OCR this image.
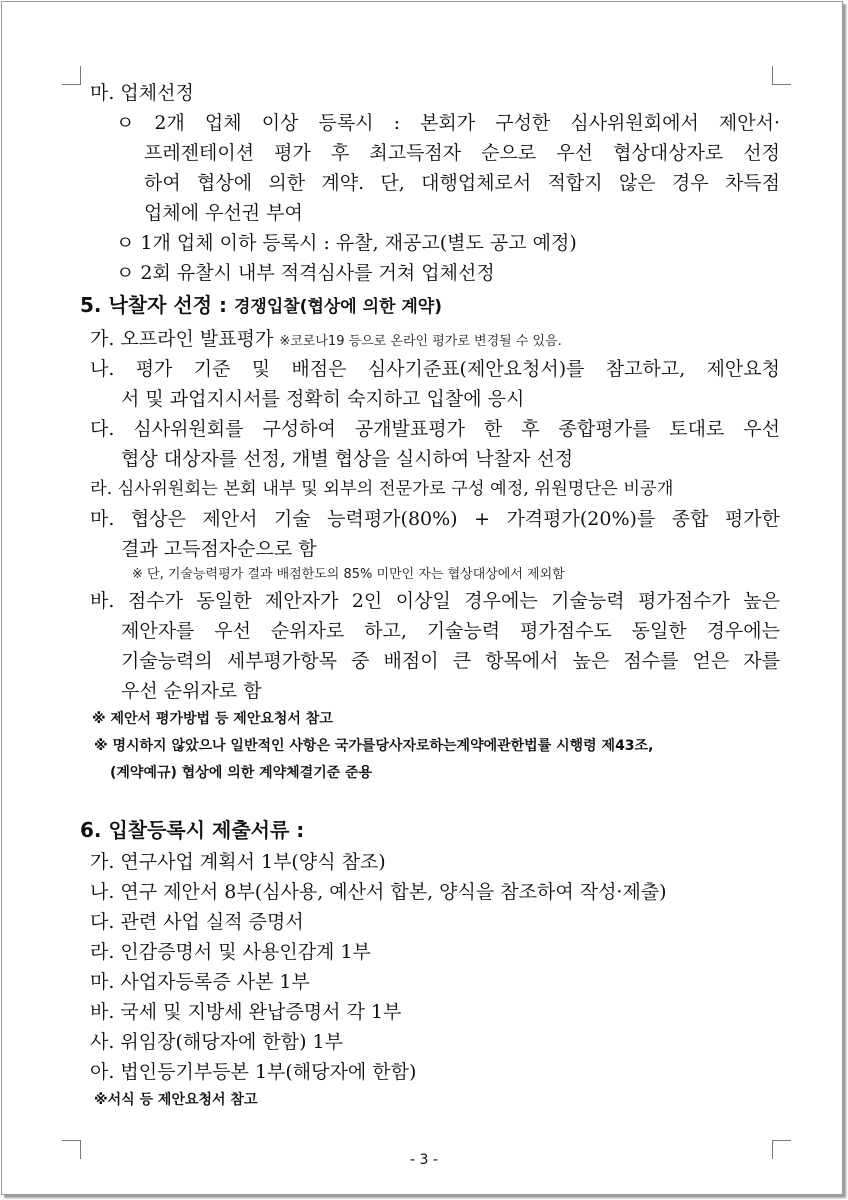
마. 업체선정
ㅇ 2개 업체 이상 등록시 : 본회가 구성한 심사위원회에서 제안서·
프레젠테이션 평가 후 최고득점자 순으로 우선 협상대상자로 선정
하여 협상에 의한 계약. 단, 대행업체로서 적합지 않은 경우 차득점
업체에 우선권 부여
ㅇ 1개 업체 이하 등록시 : 유찰, 재공고(별도 공고 예정)
ㅇ 2회 유찰시 내부 적격심사를 거쳐 업체선정
5. 낙찰자 선정 : 경쟁입찰(협상에 의한 계약)
가. 오프라인 발표평가 ※코로나19 등으로 온라인 평가로 변경될 수 있음.
나. 평가 기준 및 배점은 심사기준표(제안요청서)를 참고하고, 제안요청
서 및 과업지시서를 정확히 숙지하고 입찰에 응시
다. 심사위원회를 구성하여 공개발표평가 한 후 종합평가를 토대로 우선
협상 대상자를 선정, 개별 협상을 실시하여 낙찰자 선정
라. 심사위원회는 본회 내부 및 외부의 전문가로 구성 예정, 위원명단은 비공개
마. 협상은 제안서 기술 능력평가(80%) + 가격평가(20%)를 종합 평가한
결과 고득점자순으로 함
※ 단, 기술능력평가 결과 배점한도의 85% 미만인 자는 협상대상에서 제외함
바. 점수가 동일한 제안자가 2인 이상일 경우에는 기술능력 평가점수가 높은
제안자를 우선 순위자로 하고, 기술능력 평가점수도 동일한 경우에는
기술능력의 세부평가항목 중 배점이 큰 항목에서 높은 점수를 얻은 자를
우선 순위자로 함
※ 제안서 평가방법 등 제안요청서 참고
※ 명시하지 않았으나 일반적인 사항은 국가를당사자로하는계약에관한법률 시행령 제43조,
(계약예규) 협상에 의한 계약체결기준 준용
6. 입찰등록시 제출서류 :
가. 연구사업 계획서 1부(양식 참조)
나. 연구 제안서 8부(심사용, 예산서 합본, 양식을 참조하여 작성·제출)
다. 관련 사업 실적 증명서
라. 인감증명서 및 사용인감계 1부
마. 사업자등록증 사본 1부
바. 국세 및 지방세 완납증명서 각 1부
사. 위임장(해당자에 한함) 1부
아. 법인등기부등본 1부(해당자에 한함)
※서식 등 제안요청서 참고
- 3 -
